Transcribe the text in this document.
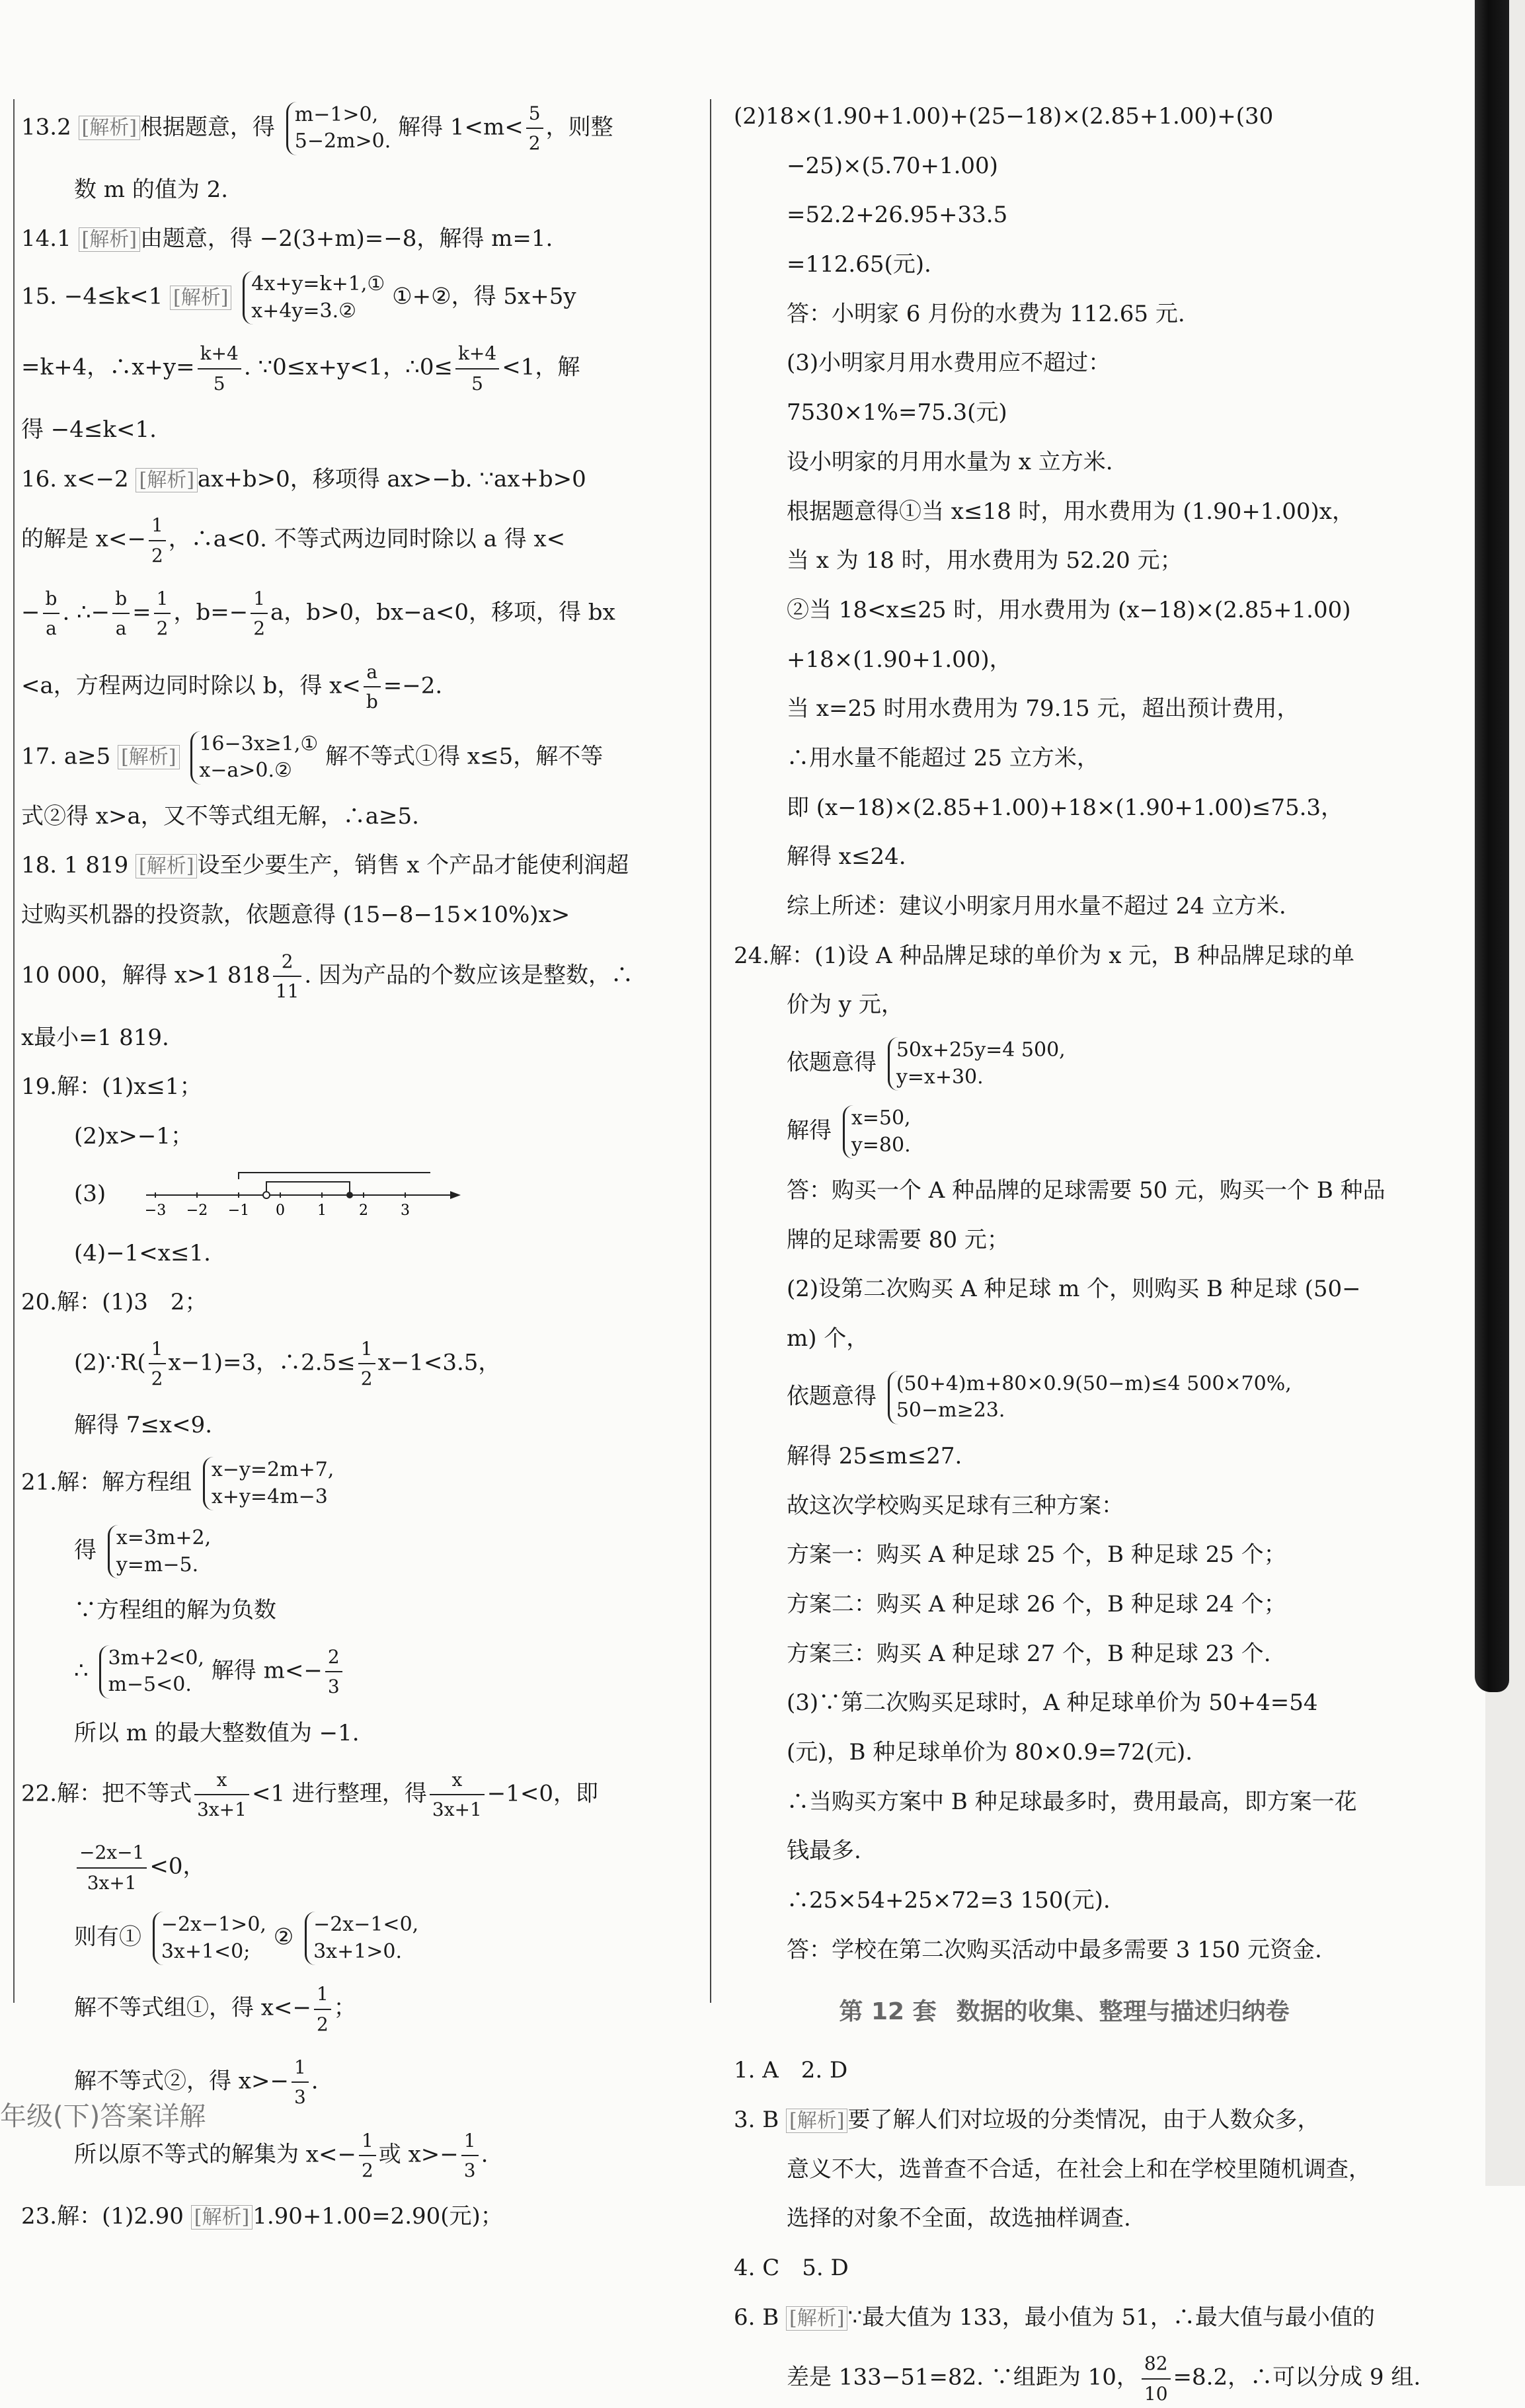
13.2 [解析] 根据题意，得 m−1>0,
5−2m>0. 解得 $1<m< \frac{5}{2}$ ，则整
数 m 的值为 2.
14.1 [解析] 由题意，得 −2(3+m)=−8，解得 m=1.
15. −4≤k<1 [解析] 4x+y=k+1,①
x+4y=3.② ①+②，得 5x+5y
=k+4，∴x+y= $\frac{k+4}{5}$ . ∵0≤x+y<1，∴0≤ $\frac{k+4}{5} <1$，解
得 −4≤k<1.
16. x<−2 [解析] ax+b>0，移项得 ax>−b. ∵ax+b>0
的解是 $x<- \frac{1}{2}$ ，∴a<0. 不等式两边同时除以 a 得 x<
− $\frac{b}{a}$ . ∴− $\frac{b}{a} = \frac{1}{2}$ ，$b=- \frac{1}{2}$ a，b>0，bx−a<0，移项，得 bx
<a，方程两边同时除以 b，得 $x< \frac{a}{b} =-2$.
17. a≥5 [解析] 16−3x≥1,①
x−a>0.② 解不等式①得 x≤5，解不等
式②得 x>a，又不等式组无解，∴a≥5.
18. 1 819 [解析] 设至少要生产，销售 x 个产品才能使利润超
过购买机器的投资款，依题意得 (15−8−15×10%)x>
10 000，解得 x>1 $818 \frac{2}{11}$ . 因为产品的个数应该是整数，∴
x最小=1 819.
19.解：(1)x≤1；
(2)x>−1；
(3)
−3 −2 −1 0 1 2 3
(4)−1<x≤1.
20.解：(1)3　2；
(2)∵R( $\frac{1}{2} x-1)=3$，∴2.5≤ $\frac{1}{2} x-1<3.5$，
解得 7≤x<9.
21.解：解方程组 x−y=2m+7,
x+y=4m−3
得 x=3m+2,
y=m−5.
∵方程组的解为负数
∴ 3m+2<0,
m−5<0. 解得 $m<- \frac{2}{3}$
所以 m 的最大整数值为 −1.
22.解：把不等式 $\frac{x}{3x+1} <1$ 进行整理，得 $\frac{x}{3x+1} -1<0$，即
$\frac{-2x-1}{3x+1} <0$，
则有① −2x−1>0,
3x+1<0; ② −2x−1<0,
3x+1>0.
解不等式组①，得 $x<- \frac{1}{2}$ ；
解不等式②，得 $x>- \frac{1}{3}$ .
所以原不等式的解集为 $x<- \frac{1}{2}$ 或 $x>- \frac{1}{3}$ .
23.解：(1)2.90 [解析] 1.90+1.00=2.90(元)；
(2)18×(1.90+1.00)+(25−18)×(2.85+1.00)+(30
−25)×(5.70+1.00)
=52.2+26.95+33.5
=112.65(元).
答：小明家 6 月份的水费为 112.65 元.
(3)小明家月用水费用应不超过：
7530×1%=75.3(元)
设小明家的月用水量为 x 立方米.
根据题意得①当 x≤18 时，用水费用为 (1.90+1.00)x，
当 x 为 18 时，用水费用为 52.20 元；
②当 18<x≤25 时，用水费用为 (x−18)×(2.85+1.00)
+18×(1.90+1.00)，
当 x=25 时用水费用为 79.15 元，超出预计费用，
∴用水量不能超过 25 立方米，
即 (x−18)×(2.85+1.00)+18×(1.90+1.00)≤75.3，
解得 x≤24.
综上所述：建议小明家月用水量不超过 24 立方米.
24.解：(1)设 A 种品牌足球的单价为 x 元，B 种品牌足球的单
价为 y 元，
依题意得 50x+25y=4 500,
y=x+30.
解得 x=50,
y=80.
答：购买一个 A 种品牌的足球需要 50 元，购买一个 B 种品
牌的足球需要 80 元；
(2)设第二次购买 A 种足球 m 个，则购买 B 种足球 (50−
m) 个，
依题意得 (50+4)m+80×0.9(50−m)≤4 500×70%,
50−m≥23.
解得 25≤m≤27.
故这次学校购买足球有三种方案：
方案一：购买 A 种足球 25 个，B 种足球 25 个；
方案二：购买 A 种足球 26 个，B 种足球 24 个；
方案三：购买 A 种足球 27 个，B 种足球 23 个.
(3)∵第二次购买足球时，A 种足球单价为 50+4=54
(元)，B 种足球单价为 80×0.9=72(元).
∴当购买方案中 B 种足球最多时，费用最高，即方案一花
钱最多.
∴25×54+25×72=3 150(元).
答：学校在第二次购买活动中最多需要 3 150 元资金.
第 12 套 数据的收集、整理与描述归纳卷
1. A　2. D
3. B [解析] 要了解人们对垃圾的分类情况，由于人数众多，
意义不大，选普查不合适，在社会上和在学校里随机调查，
选择的对象不全面，故选抽样调查.
4. C　5. D
6. B [解析] ∵最大值为 133，最小值为 51，∴最大值与最小值的
差是 133−51=82. ∵组距为 10， $\frac{82}{10} =8.2$，∴可以分成 9 组.
年级(下)答案详解
